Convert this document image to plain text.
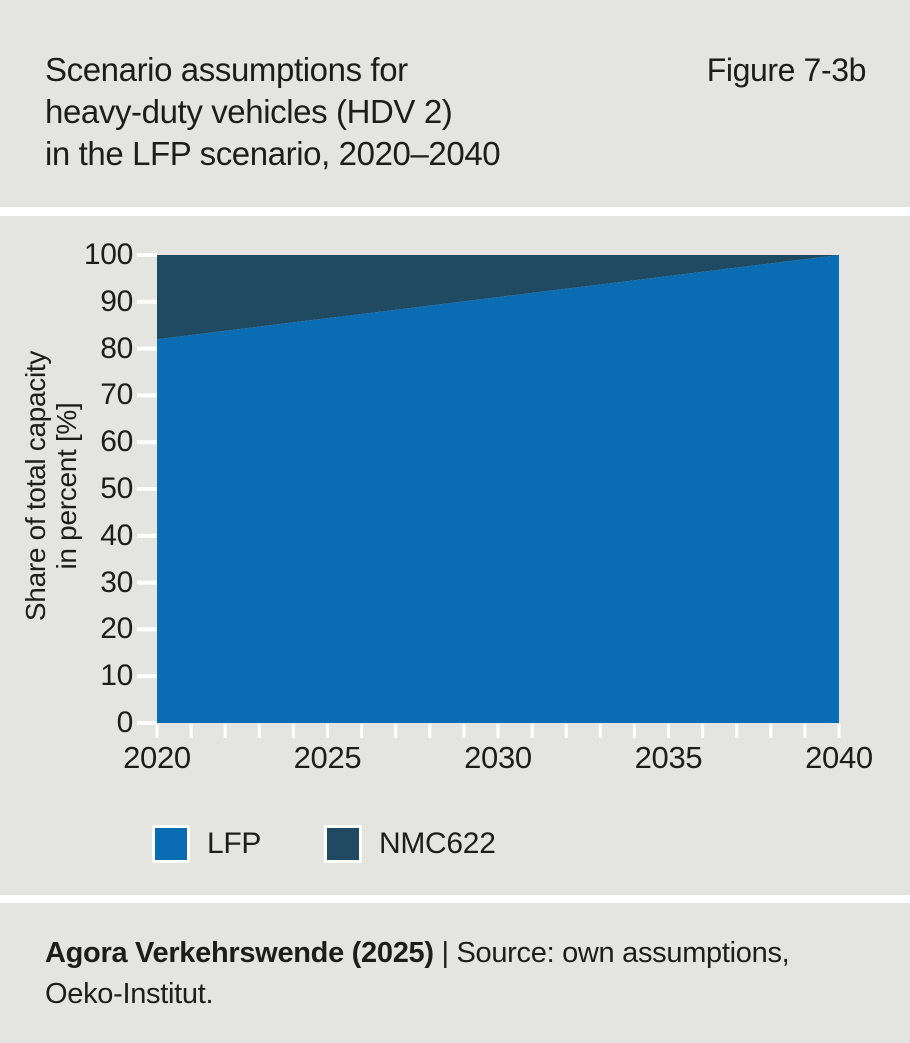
Scenario assumptions for
heavy-duty vehicles (HDV 2)
in the LFP scenario, 2020–2040
Figure 7-3b
0
10
20
30
40
50
60
70
80
90
100
2020	2025	2030	2035	2040
Share of total capacity in percent [%]
LFP	NMC622
Agora Verkehrswende (2025) | Source: own assumptions,
Oeko-Institut.
